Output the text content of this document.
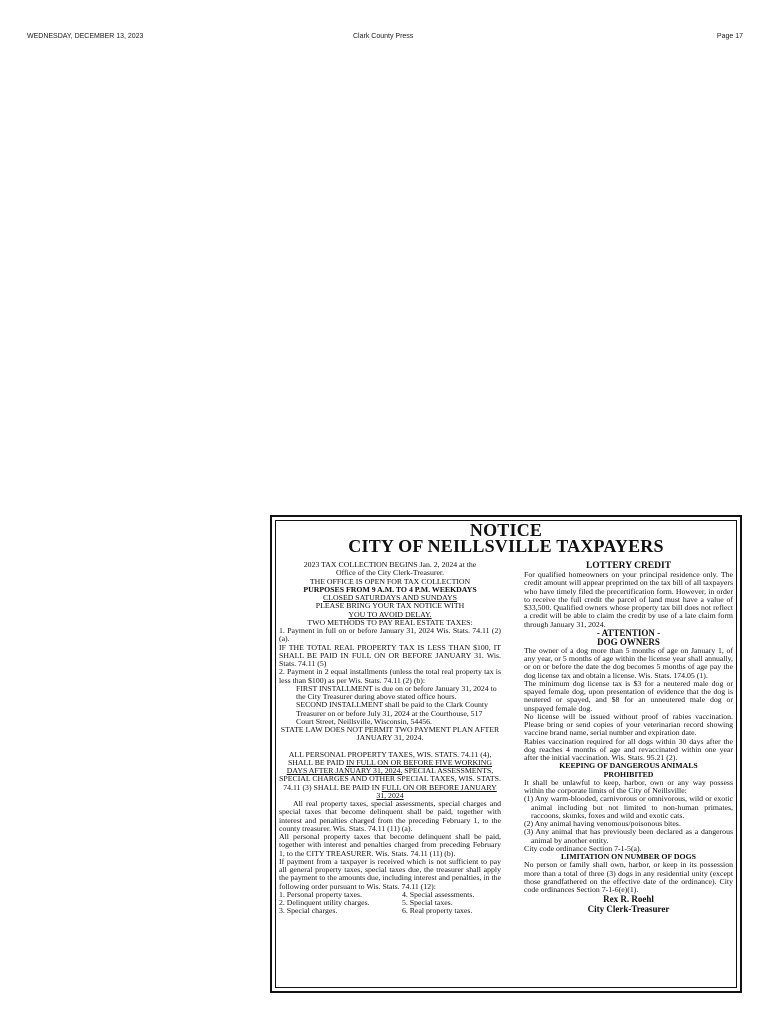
WEDNESDAY, DECEMBER 13, 2023	Clark County Press	Page 17
NOTICE
CITY OF NEILLSVILLE TAXPAYERS

2023 TAX COLLECTION BEGINS Jan. 2, 2024 at the

Office of the City Clerk-Treasurer.

THE OFFICE IS OPEN FOR TAX COLLECTION

PURPOSES FROM 9 A.M. TO 4 P.M. WEEKDAYS

CLOSED SATURDAYS AND SUNDAYS

PLEASE BRING YOUR TAX NOTICE WITH

YOU TO AVOID DELAY.

TWO METHODS TO PAY REAL ESTATE TAXES:

1. Payment in full on or before January 31, 2024 Wis. Stats. 74.11 (2) (a).

IF THE TOTAL REAL PROPERTY TAX IS LESS THAN $100, IT SHALL BE PAID IN FULL ON OR BEFORE JANUARY 31. Wis. Stats. 74.11 (5)

2. Payment in 2 equal installments (unless the total real property tax is less than $100) as per Wis. Stats. 74.11 (2) (b):

FIRST INSTALLMENT is due on or before January 31, 2024 to the City Treasurer during above stated office hours.

SECOND INSTALLMENT shall be paid to the Clark County Treasurer on or before July 31, 2024 at the Courthouse, 517 Court Street, Neillsville, Wisconsin, 54456.

STATE LAW DOES NOT PERMIT TWO PAYMENT PLAN AFTER JANUARY 31, 2024.

ALL PERSONAL PROPERTY TAXES, WIS. STATS. 74.11 (4), SHALL BE PAID IN FULL ON OR BEFORE FIVE WORKING DAYS AFTER JANUARY 31, 2024. SPECIAL ASSESSMENTS, SPECIAL CHARGES AND OTHER SPECIAL TAXES, WIS. STATS. 74.11 (3) SHALL BE PAID IN FULL ON OR BEFORE JANUARY 31, 2024

All real property taxes, special assessments, special charges and special taxes that become delinquent shall be paid, together with interest and penalties charged from the preceding February 1, to the county treasurer. Wis. Stats. 74.11 (11) (a).

All personal property taxes that become delinquent shall be paid, together with interest and penalties charged from preceding February 1, to the CITY TREASURER. Wis. Stats. 74.11 (11) (b).

If payment from a taxpayer is received which is not sufficient to pay all general property taxes, special taxes due, the treasurer shall apply the payment to the amounts due, including interest and penalties, in the following order pursuant to Wis. Stats. 74.11 (12):

1. Personal property taxes.	4. Special assessments.
2. Delinquent utility charges.	5. Special taxes.
3. Special charges.	6. Real property taxes.

LOTTERY CREDIT

For qualified homeowners on your principal residence only. The credit amount will appear preprinted on the tax bill of all taxpayers who have timely filed the precertification form. However, in order to receive the full credit the parcel of land must have a value of $33,500. Qualified owners whose property tax bill does not reflect a credit will be able to claim the credit by use of a late claim form through January 31, 2024.

- ATTENTION -

DOG OWNERS

The owner of a dog more than 5 months of age on January 1, of any year, or 5 months of age within the license year shall annually, or on or before the date the dog becomes 5 months of age pay the dog license tax and obtain a license. Wis. Stats. 174.05 (1).

The minimum dog license tax is $3 for a neutered male dog or spayed female dog, upon presentation of evidence that the dog is neutered or spayed, and $8 for an unneutered male dog or unspayed female dog.

No license will be issued without proof of rabies vaccination. Please bring or send copies of your veterinarian record showing vaccine brand name, serial number and expiration date.

Rabies vaccination required for all dogs within 30 days after the dog reaches 4 months of age and revaccinated within one year after the initial vaccination. Wis. Stats. 95.21 (2).

KEEPING OF DANGEROUS ANIMALS

PROHIBITED

It shall be unlawful to keep, harbor, own or any way possess within the corporate limits of the City of Neillsville:

(1) Any warm-blooded, carnivorous or omnivorous, wild or exotic animal including but not limited to non-human primates, raccoons, skunks, foxes and wild and exotic cats.

(2) Any animal having venomous/poisonous bites.

(3) Any animal that has previously been declared as a dangerous animal by another entity.

City code ordinance Section 7-1-5(a).

LIMITATION ON NUMBER OF DOGS

No person or family shall own, harbor, or keep in its possession more than a total of three (3) dogs in any residential unity (except those grandfathered on the effective date of the ordinance). City code ordinances Section 7-1-6(e)(1).

Rex R. Roehl

City Clerk-Treasurer
